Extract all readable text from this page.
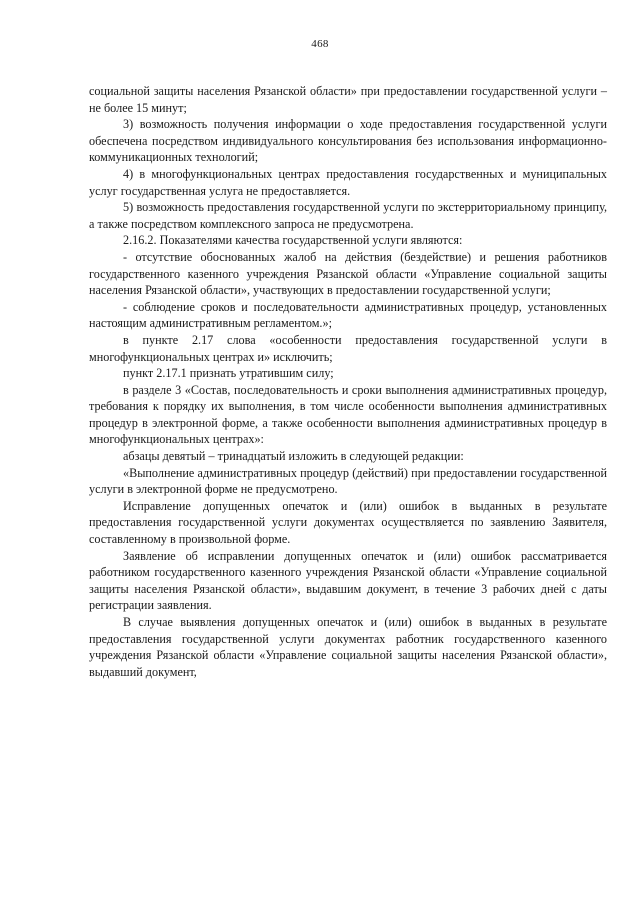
468

социальной защиты населения Рязанской области» при предоставлении государственной услуги – не более 15 минут;

3) возможность получения информации о ходе предоставления государственной услуги обеспечена посредством индивидуального консультирования без использования информационно-коммуникационных технологий;

4) в многофункциональных центрах предоставления государственных и муниципальных услуг государственная услуга не предоставляется.

5) возможность предоставления государственной услуги по экстерриториальному принципу, а также посредством комплексного запроса не предусмотрена.

2.16.2. Показателями качества государственной услуги являются:

- отсутствие обоснованных жалоб на действия (бездействие) и решения работников государственного казенного учреждения Рязанской области «Управление социальной защиты населения Рязанской области», участвующих в предоставлении государственной услуги;

- соблюдение сроков и последовательности административных процедур, установленных настоящим административным регламентом.»;

в пункте 2.17 слова «особенности предоставления государственной услуги в многофункциональных центрах и» исключить;

пункт 2.17.1 признать утратившим силу;

в разделе 3 «Состав, последовательность и сроки выполнения административных процедур, требования к порядку их выполнения, в том числе особенности выполнения административных процедур в электронной форме, а также особенности выполнения административных процедур в многофункциональных центрах»:

абзацы девятый – тринадцатый изложить в следующей редакции:

«Выполнение административных процедур (действий) при предоставлении государственной услуги в электронной форме не предусмотрено.

Исправление допущенных опечаток и (или) ошибок в выданных в результате предоставления государственной услуги документах осуществляется по заявлению Заявителя, составленному в произвольной форме.

Заявление об исправлении допущенных опечаток и (или) ошибок рассматривается работником государственного казенного учреждения Рязанской области «Управление социальной защиты населения Рязанской области», выдавшим документ, в течение 3 рабочих дней с даты регистрации заявления.

В случае выявления допущенных опечаток и (или) ошибок в выданных в результате предоставления государственной услуги документах работник государственного казенного учреждения Рязанской области «Управление социальной защиты населения Рязанской области», выдавший документ,
